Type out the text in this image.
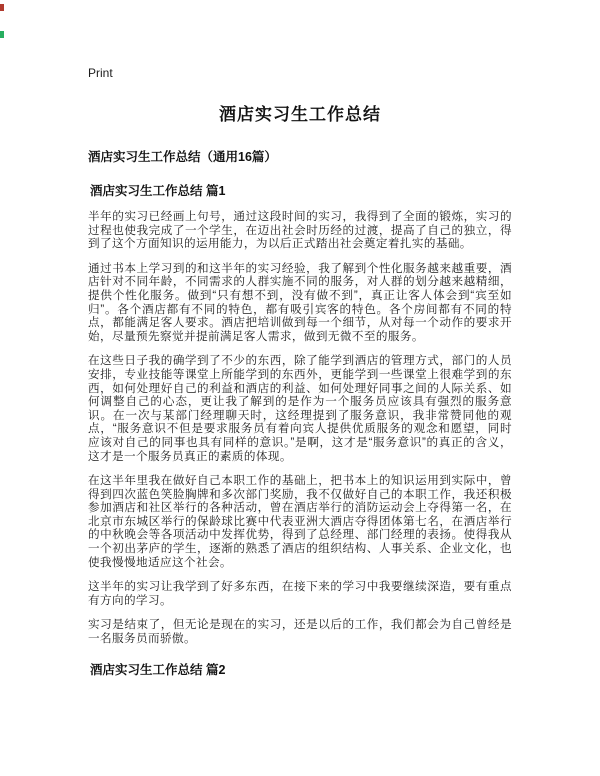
Print
酒店实习生工作总结
酒店实习生工作总结（通用16篇）
酒店实习生工作总结 篇1

半年的实习已经画上句号，通过这段时间的实习，我得到了全面的锻炼，实习的过程也使我完成了一个学生，在迈出社会时历经的过渡，提高了自己的独立，得到了这个方面知识的运用能力，为以后正式踏出社会奠定着扎实的基础。

通过书本上学习到的和这半年的实习经验，我了解到个性化服务越来越重要，酒店针对不同年龄，不同需求的人群实施不同的服务，对人群的划分越来越精细，提供个性化服务。做到“只有想不到，没有做不到”，真正让客人体会到“宾至如归”。各个酒店都有不同的特色，都有吸引宾客的特色。各个房间都有不同的特点，都能满足客人要求。酒店把培训做到每一个细节，从对每一个动作的要求开始，尽量预先察觉并提前满足客人需求，做到无微不至的服务。

在这些日子我的确学到了不少的东西，除了能学到酒店的管理方式，部门的人员安排，专业技能等课堂上所能学到的东西外，更能学到一些课堂上很难学到的东西，如何处理好自己的利益和酒店的利益、如何处理好同事之间的人际关系、如何调整自己的心态，更让我了解到的是作为一个服务员应该具有强烈的服务意识。在一次与某部门经理聊天时，这经理提到了服务意识，我非常赞同他的观点，“服务意识不但是要求服务员有着向宾人提供优质服务的观念和愿望，同时应该对自己的同事也具有同样的意识。”是啊，这才是“服务意识”的真正的含义，这才是一个服务员真正的素质的体现。

在这半年里我在做好自己本职工作的基础上，把书本上的知识运用到实际中，曾得到四次蓝色笑脸胸牌和多次部门奖励，我不仅做好自己的本职工作，我还积极参加酒店和社区举行的各种活动，曾在酒店举行的消防运动会上夺得第一名，在北京市东城区举行的保龄球比赛中代表亚洲大酒店夺得团体第七名，在酒店举行的中秋晚会等各项活动中发挥优势，得到了总经理、部门经理的表扬。使得我从一个初出茅庐的学生，逐渐的熟悉了酒店的组织结构、人事关系、企业文化，也使我慢慢地适应这个社会。

这半年的实习让我学到了好多东西，在接下来的学习中我要继续深造，要有重点有方向的学习。

实习是结束了，但无论是现在的实习，还是以后的工作，我们都会为自己曾经是一名服务员而骄傲。

酒店实习生工作总结 篇2
